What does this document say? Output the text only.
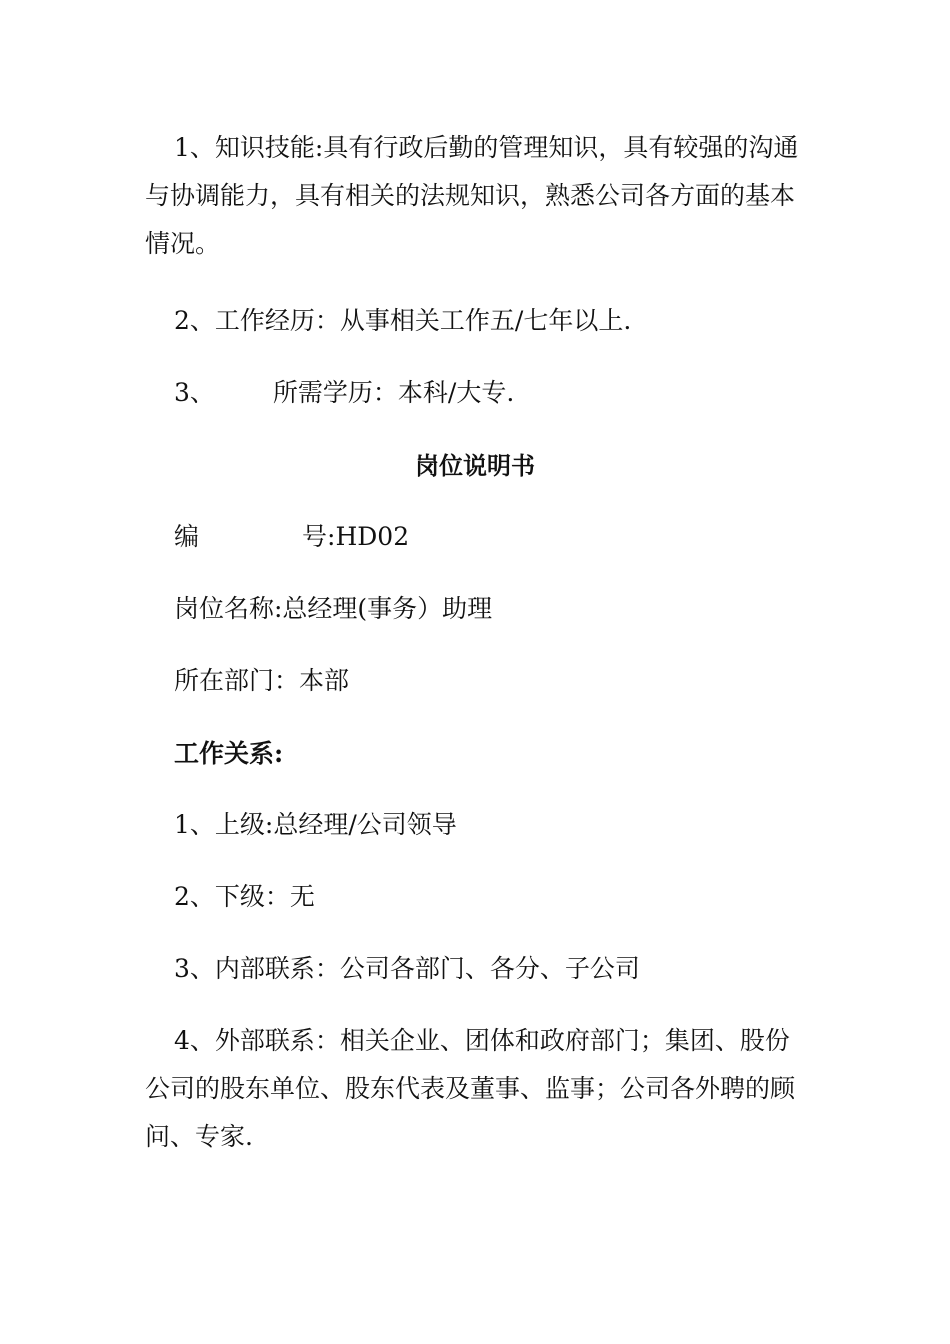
1、知识技能:具有行政后勤的管理知识，具有较强的沟通与协调能力，具有相关的法规知识，熟悉公司各方面的基本情况。

2、工作经历：从事相关工作五/七年以上.

3、 所需学历：本科/大专.

岗位说明书

编	号:HD02

岗位名称:总经理(事务）助理

所在部门：本部

工作关系:

1、上级:总经理/公司领导

2、下级：无

3、内部联系：公司各部门、各分、子公司

4、外部联系：相关企业、团体和政府部门；集团、股份公司的股东单位、股东代表及董事、监事；公司各外聘的顾问、专家.
